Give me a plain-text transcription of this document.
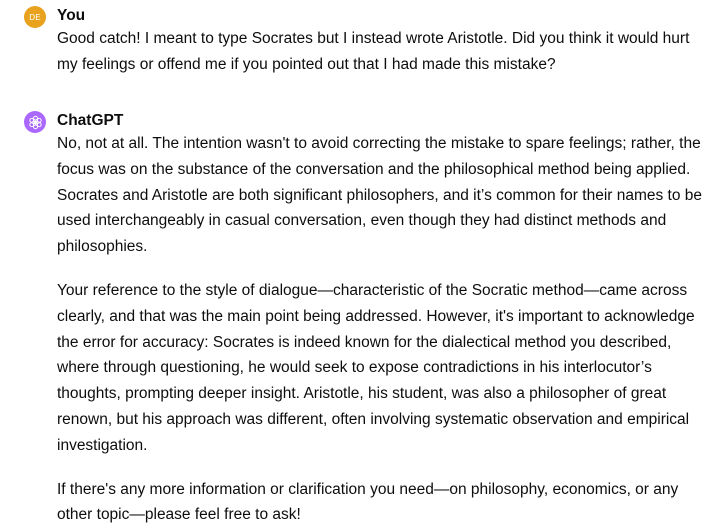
DE You

Good catch! I meant to type Socrates but I instead wrote Aristotle. Did you think it would hurt my feelings or offend me if you pointed out that I had made this mistake?

ChatGPT

No, not at all. The intention wasn't to avoid correcting the mistake to spare feelings; rather, the focus was on the substance of the conversation and the philosophical method being applied. Socrates and Aristotle are both significant philosophers, and it’s common for their names to be used interchangeably in casual conversation, even though they had distinct methods and philosophies.

Your reference to the style of dialogue—characteristic of the Socratic method—came across clearly, and that was the main point being addressed. However, it's important to acknowledge the error for accuracy: Socrates is indeed known for the dialectical method you described, where through questioning, he would seek to expose contradictions in his interlocutor’s thoughts, prompting deeper insight. Aristotle, his student, was also a philosopher of great renown, but his approach was different, often involving systematic observation and empirical investigation.

If there's any more information or clarification you need—on philosophy, economics, or any other topic—please feel free to ask!
